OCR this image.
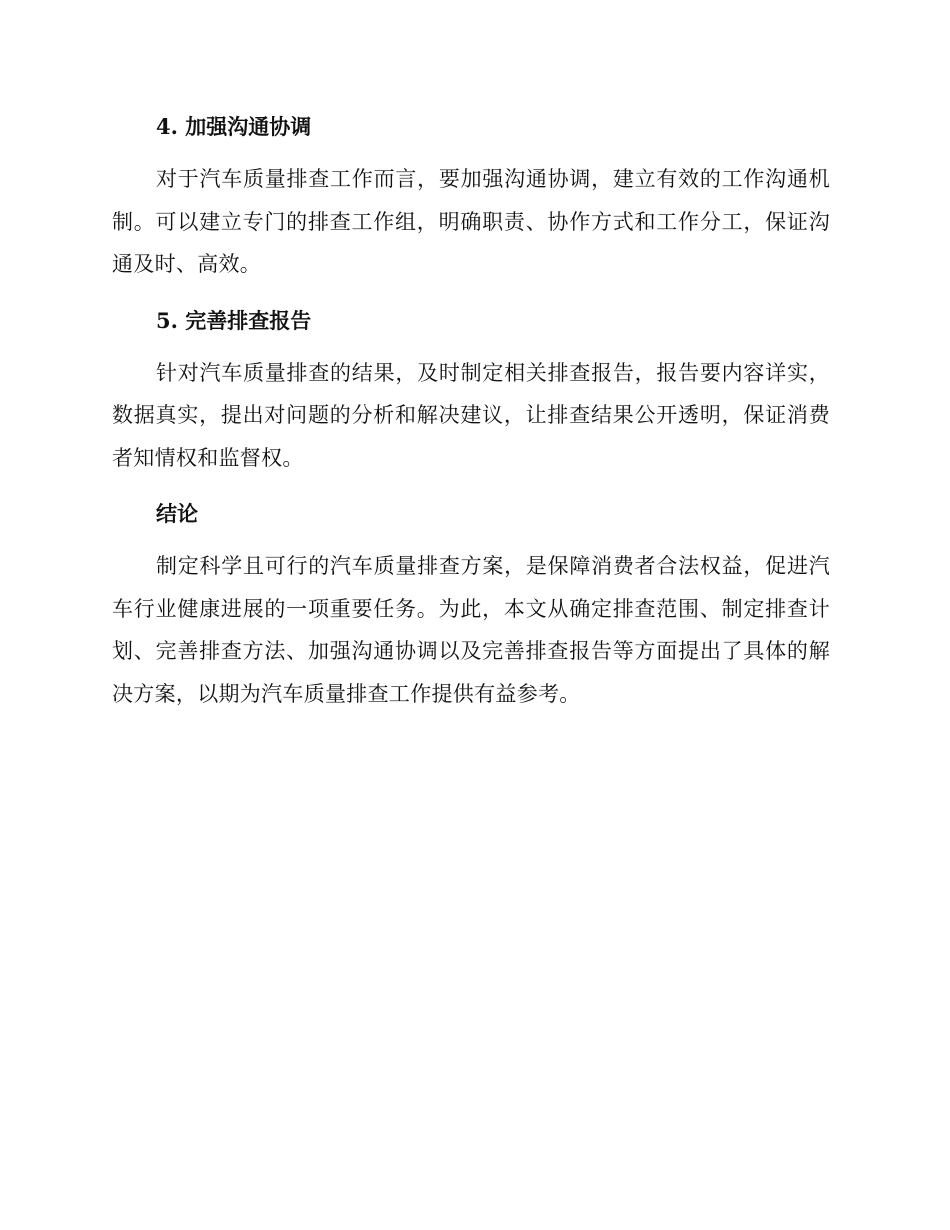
4. 加强沟通协调

对于汽车质量排查工作而言，要加强沟通协调，建立有效的工作沟通机制。可以建立专门的排查工作组，明确职责、协作方式和工作分工，保证沟通及时、高效。

5. 完善排查报告

针对汽车质量排查的结果，及时制定相关排查报告，报告要内容详实，数据真实，提出对问题的分析和解决建议，让排查结果公开透明，保证消费者知情权和监督权。

结论

制定科学且可行的汽车质量排查方案，是保障消费者合法权益，促进汽车行业健康进展的一项重要任务。为此，本文从确定排查范围、制定排查计划、完善排查方法、加强沟通协调以及完善排查报告等方面提出了具体的解决方案，以期为汽车质量排查工作提供有益参考。
